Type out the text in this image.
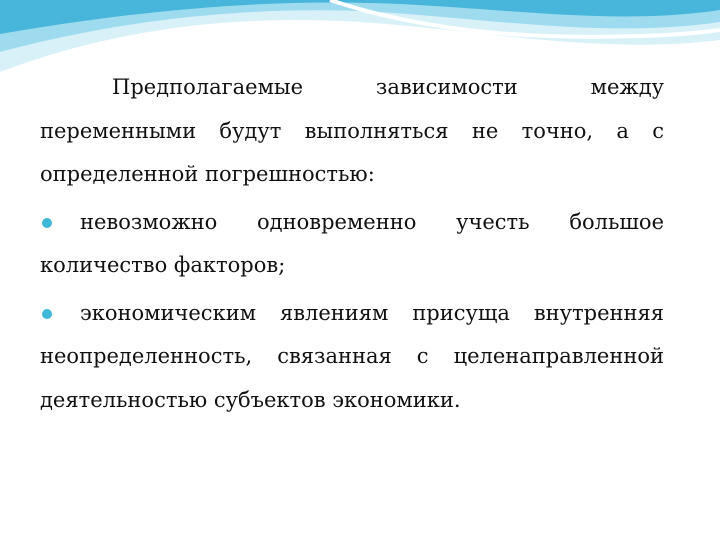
Предполагаемые зависимости между переменными будут выполняться не точно, а с определенной погрешностью:

невозможно одновременно учесть большое количество факторов;
экономическим явлениям присуща внутренняя неопределенность, связанная с целенаправленной деятельностью субъектов экономики.
